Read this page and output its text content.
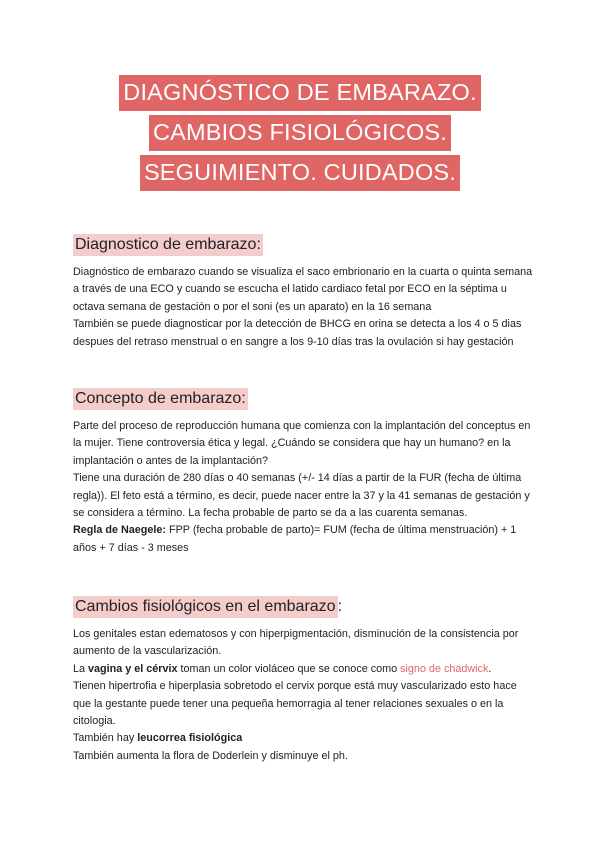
DIAGNÓSTICO DE EMBARAZO.
CAMBIOS FISIOLÓGICOS.
SEGUIMIENTO. CUIDADOS.
Diagnostico de embarazo:

Diagnóstico de embarazo cuando se visualiza el saco embrionario en la cuarta o quinta semana a través de una ECO y cuando se escucha el latido cardiaco fetal por ECO en la séptima u octava semana de gestación o por el soni (es un aparato) en la 16 semana

También se puede diagnosticar por la detección de BHCG en orina se detecta a los 4 o 5 dias despues del retraso menstrual o en sangre a los 9-10 días tras la ovulación si hay gestación

Concepto de embarazo:

Parte del proceso de reproducción humana que comienza con la implantación del conceptus en la mujer. Tiene controversia ética y legal. ¿Cuándo se considera que hay un humano? en la implantación o antes de la implantación?

Tiene una duración de 280 días o 40 semanas (+/- 14 días a partir de la FUR (fecha de última regla)). El feto está a término, es decir, puede nacer entre la 37 y la 41 semanas de gestación y se considera a término. La fecha probable de parto se da a las cuarenta semanas.

Regla de Naegele: FPP (fecha probable de parto)= FUM (fecha de última menstruación) + 1 años + 7 días - 3 meses

Cambios fisiológicos en el embarazo :

Los genitales estan edematosos y con hiperpigmentación, disminución de la consistencia por aumento de la vascularización.

La vagina y el cérvix toman un color violáceo que se conoce como signo de chadwick.

Tienen hipertrofia e hiperplasia sobretodo el cervix porque está muy vascularizado esto hace que la gestante puede tener una pequeña hemorragia al tener relaciones sexuales o en la citologia.

También hay leucorrea fisiológica

También aumenta la flora de Doderlein y disminuye el ph.
